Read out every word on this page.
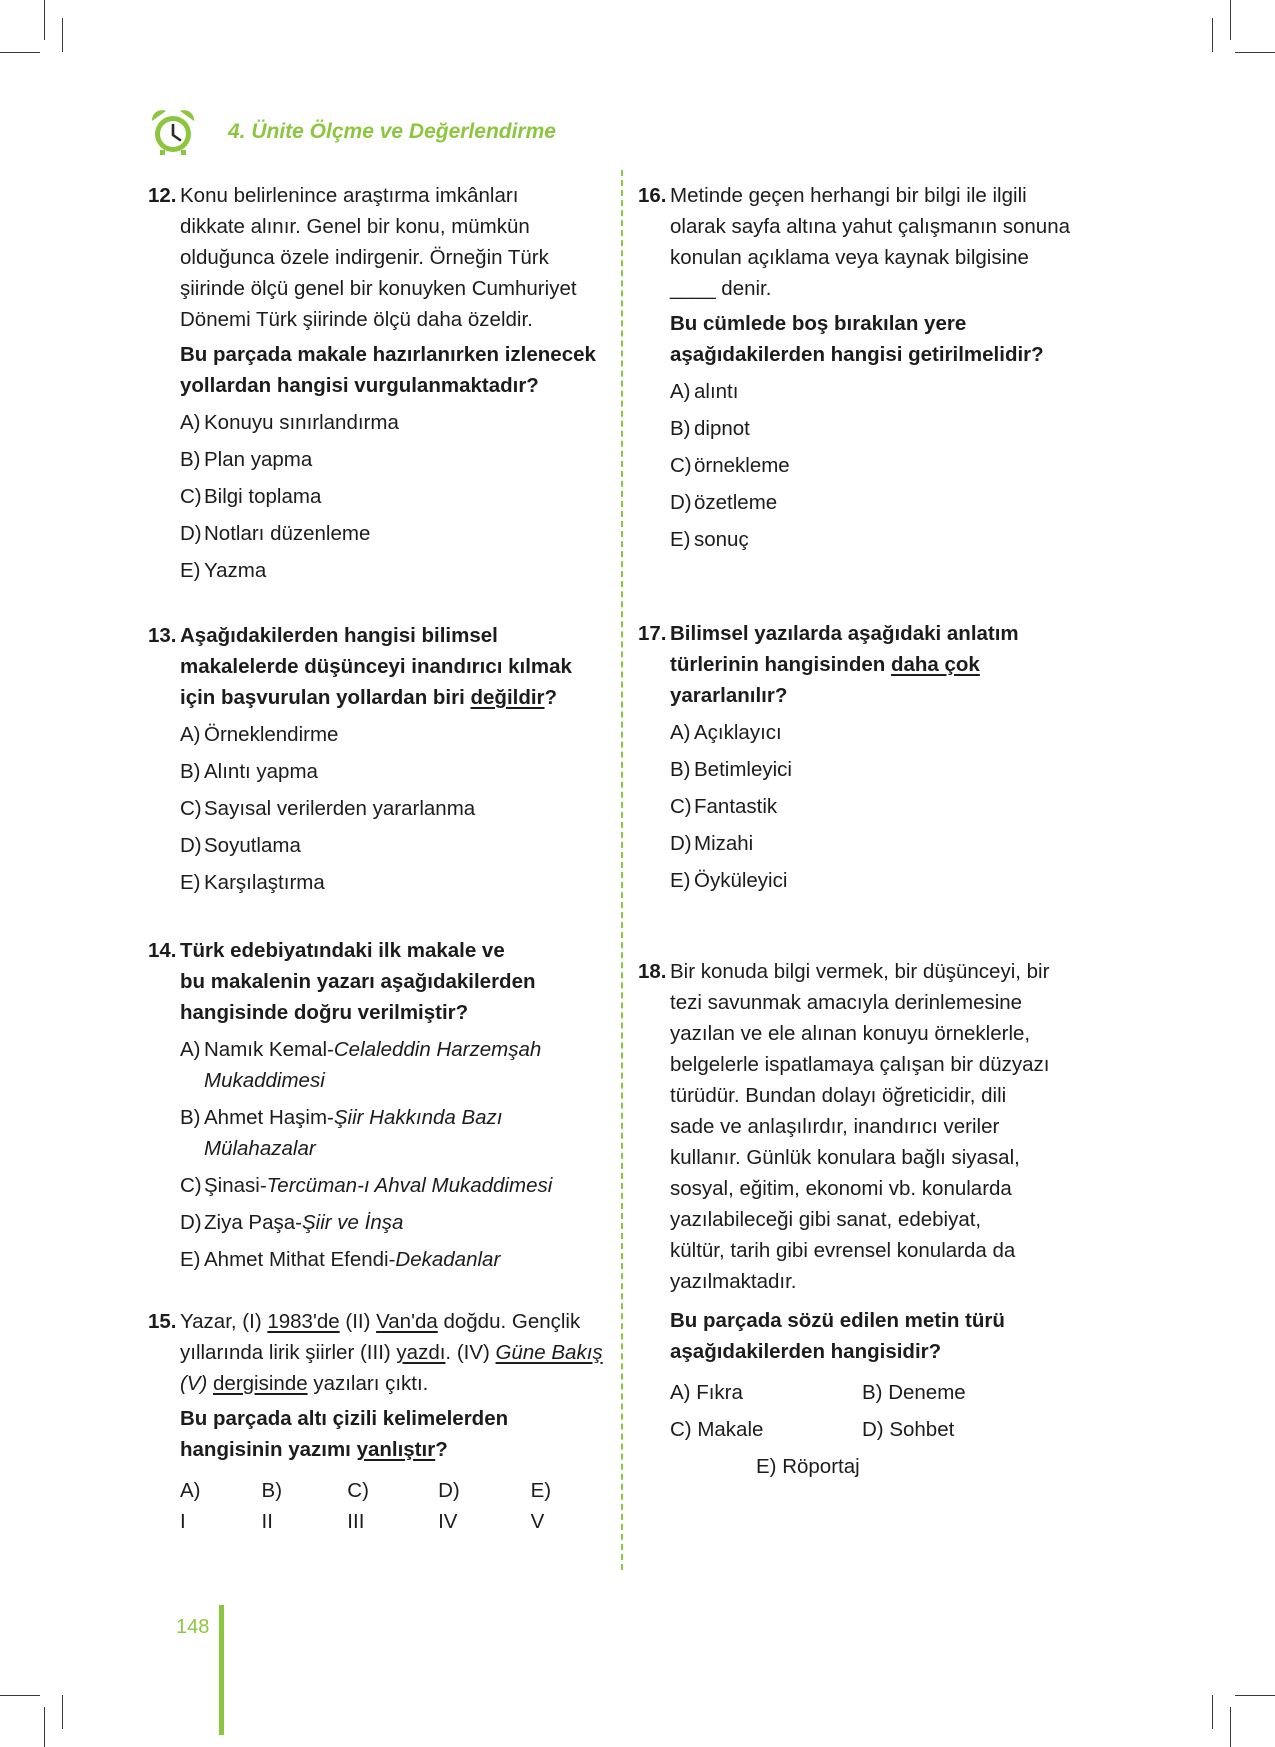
4. Ünite Ölçme ve Değerlendirme
12. Konu belirlenince araştırma imkânları

dikkate alınır. Genel bir konu, mümkün

olduğunca özele indirgenir. Örneğin Türk

şiirinde ölçü genel bir konuyken Cumhuriyet

Dönemi Türk şiirinde ölçü daha özeldir.

Bu parçada makale hazırlanırken izlenecek
yollardan hangisi vurgulanmaktadır?
A) Konuyu sınırlandırma
B) Plan yapma
C) Bilgi toplama
D) Notları düzenleme
E) Yazma
13. Aşağıdakilerden hangisi bilimsel
makalelerde düşünceyi inandırıcı kılmak
için başvurulan yollardan biri değildir?
A) Örneklendirme
B) Alıntı yapma
C) Sayısal verilerden yararlanma
D) Soyutlama
E) Karşılaştırma
14. Türk edebiyatındaki ilk makale ve
bu makalenin yazarı aşağıdakilerden
hangisinde doğru verilmiştir?
A) Namık Kemal-Celaleddin Harzemşah
Mukaddimesi
B) Ahmet Haşim-Şiir Hakkında Bazı
Mülahazalar
C) Şinasi-Tercüman-ı Ahval Mukaddimesi
D) Ziya Paşa-Şiir ve İnşa
E) Ahmet Mithat Efendi-Dekadanlar
15. Yazar, (I) 1983'de (II) Van'da doğdu. Gençlik

yıllarında lirik şiirler (III) yazdı. (IV) Güne Bakış

(V) dergisinde yazıları çıktı.

Bu parçada altı çizili kelimelerden
hangisinin yazımı yanlıştır?
A) I
B) II
C) III
D) IV
E) V
16. Metinde geçen herhangi bir bilgi ile ilgili

olarak sayfa altına yahut çalışmanın sonuna

konulan açıklama veya kaynak bilgisine

____ denir.

Bu cümlede boş bırakılan yere
aşağıdakilerden hangisi getirilmelidir?
A) alıntı
B) dipnot
C) örnekleme
D) özetleme
E) sonuç
17. Bilimsel yazılarda aşağıdaki anlatım
türlerinin hangisinden daha çok
yararlanılır?
A) Açıklayıcı
B) Betimleyici
C) Fantastik
D) Mizahi
E) Öyküleyici
18. Bir konuda bilgi vermek, bir düşünceyi, bir

tezi savunmak amacıyla derinlemesine

yazılan ve ele alınan konuyu örneklerle,

belgelerle ispatlamaya çalışan bir düzyazı

türüdür. Bundan dolayı öğreticidir, dili

sade ve anlaşılırdır, inandırıcı veriler

kullanır. Günlük konulara bağlı siyasal,

sosyal, eğitim, ekonomi vb. konularda

yazılabileceği gibi sanat, edebiyat,

kültür, tarih gibi evrensel konularda da

yazılmaktadır.

Bu parçada sözü edilen metin türü
aşağıdakilerden hangisidir?
A) Fıkra	B) Deneme
C) Makale	D) Sohbet
E) Röportaj
148
